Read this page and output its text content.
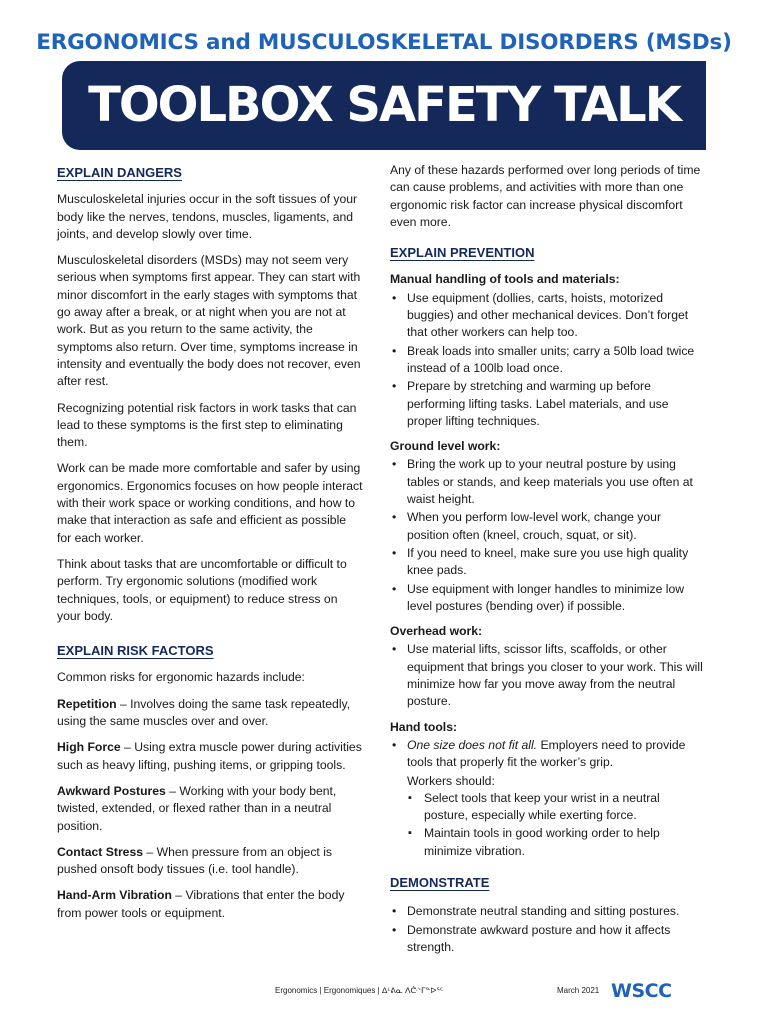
ERGONOMICS and MUSCULOSKELETAL DISORDERS (MSDs)
TOOLBOX SAFETY TALK
EXPLAIN DANGERS

Musculoskeletal injuries occur in the soft tissues of your body like the nerves, tendons, muscles, ligaments, and joints, and develop slowly over time.

Musculoskeletal disorders (MSDs) may not seem very serious when symptoms first appear. They can start with minor discomfort in the early stages with symptoms that go away after a break, or at night when you are not at work. But as you return to the same activity, the symptoms also return. Over time, symptoms increase in intensity and eventually the body does not recover, even after rest.

Recognizing potential risk factors in work tasks that can lead to these symptoms is the first step to eliminating them.

Work can be made more comfortable and safer by using ergonomics. Ergonomics focuses on how people interact with their work space or working conditions, and how to make that interaction as safe and efficient as possible for each worker.

Think about tasks that are uncomfortable or difficult to perform. Try ergonomic solutions (modified work techniques, tools, or equipment) to reduce stress on your body.

EXPLAIN RISK FACTORS

Common risks for ergonomic hazards include:

Repetition – Involves doing the same task repeatedly, using the same muscles over and over.

High Force – Using extra muscle power during activities such as heavy lifting, pushing items, or gripping tools.

Awkward Postures – Working with your body bent, twisted, extended, or flexed rather than in a neutral position.

Contact Stress – When pressure from an object is pushed onsoft body tissues (i.e. tool handle).

Hand-Arm Vibration – Vibrations that enter the body from power tools or equipment.

Any of these hazards performed over long periods of time can cause problems, and activities with more than one ergonomic risk factor can increase physical discomfort even more.

EXPLAIN PREVENTION
Manual handling of tools and materials:
• Use equipment (dollies, carts, hoists, motorized buggies) and other mechanical devices. Don’t forget that other workers can help too.
• Break loads into smaller units; carry a 50lb load twice instead of a 100lb load once.
• Prepare by stretching and warming up before performing lifting tasks. Label materials, and use proper lifting techniques.
Ground level work:
• Bring the work up to your neutral posture by using tables or stands, and keep materials you use often at waist height.
• When you perform low-level work, change your position often (kneel, crouch, squat, or sit).
• If you need to kneel, make sure you use high quality knee pads.
• Use equipment with longer handles to minimize low level postures (bending over) if possible.
Overhead work:
• Use material lifts, scissor lifts, scaffolds, or other equipment that brings you closer to your work. This will minimize how far you move away from the neutral posture.
Hand tools:
• One size does not fit all. Employers need to provide tools that properly fit the worker’s grip.
Workers should:
▪ Select tools that keep your wrist in a neutral posture, especially while exerting force.
▪ Maintain tools in good working order to help minimize vibration.
DEMONSTRATE
• Demonstrate neutral standing and sitting postures.
• Demonstrate awkward posture and how it affects strength.
Ergonomics | Ergonomiques | ᐃᒻᕕᓇ ᐱᕩᐠᒥᓐᐅᕐᑦ	March 2021 WSCC
